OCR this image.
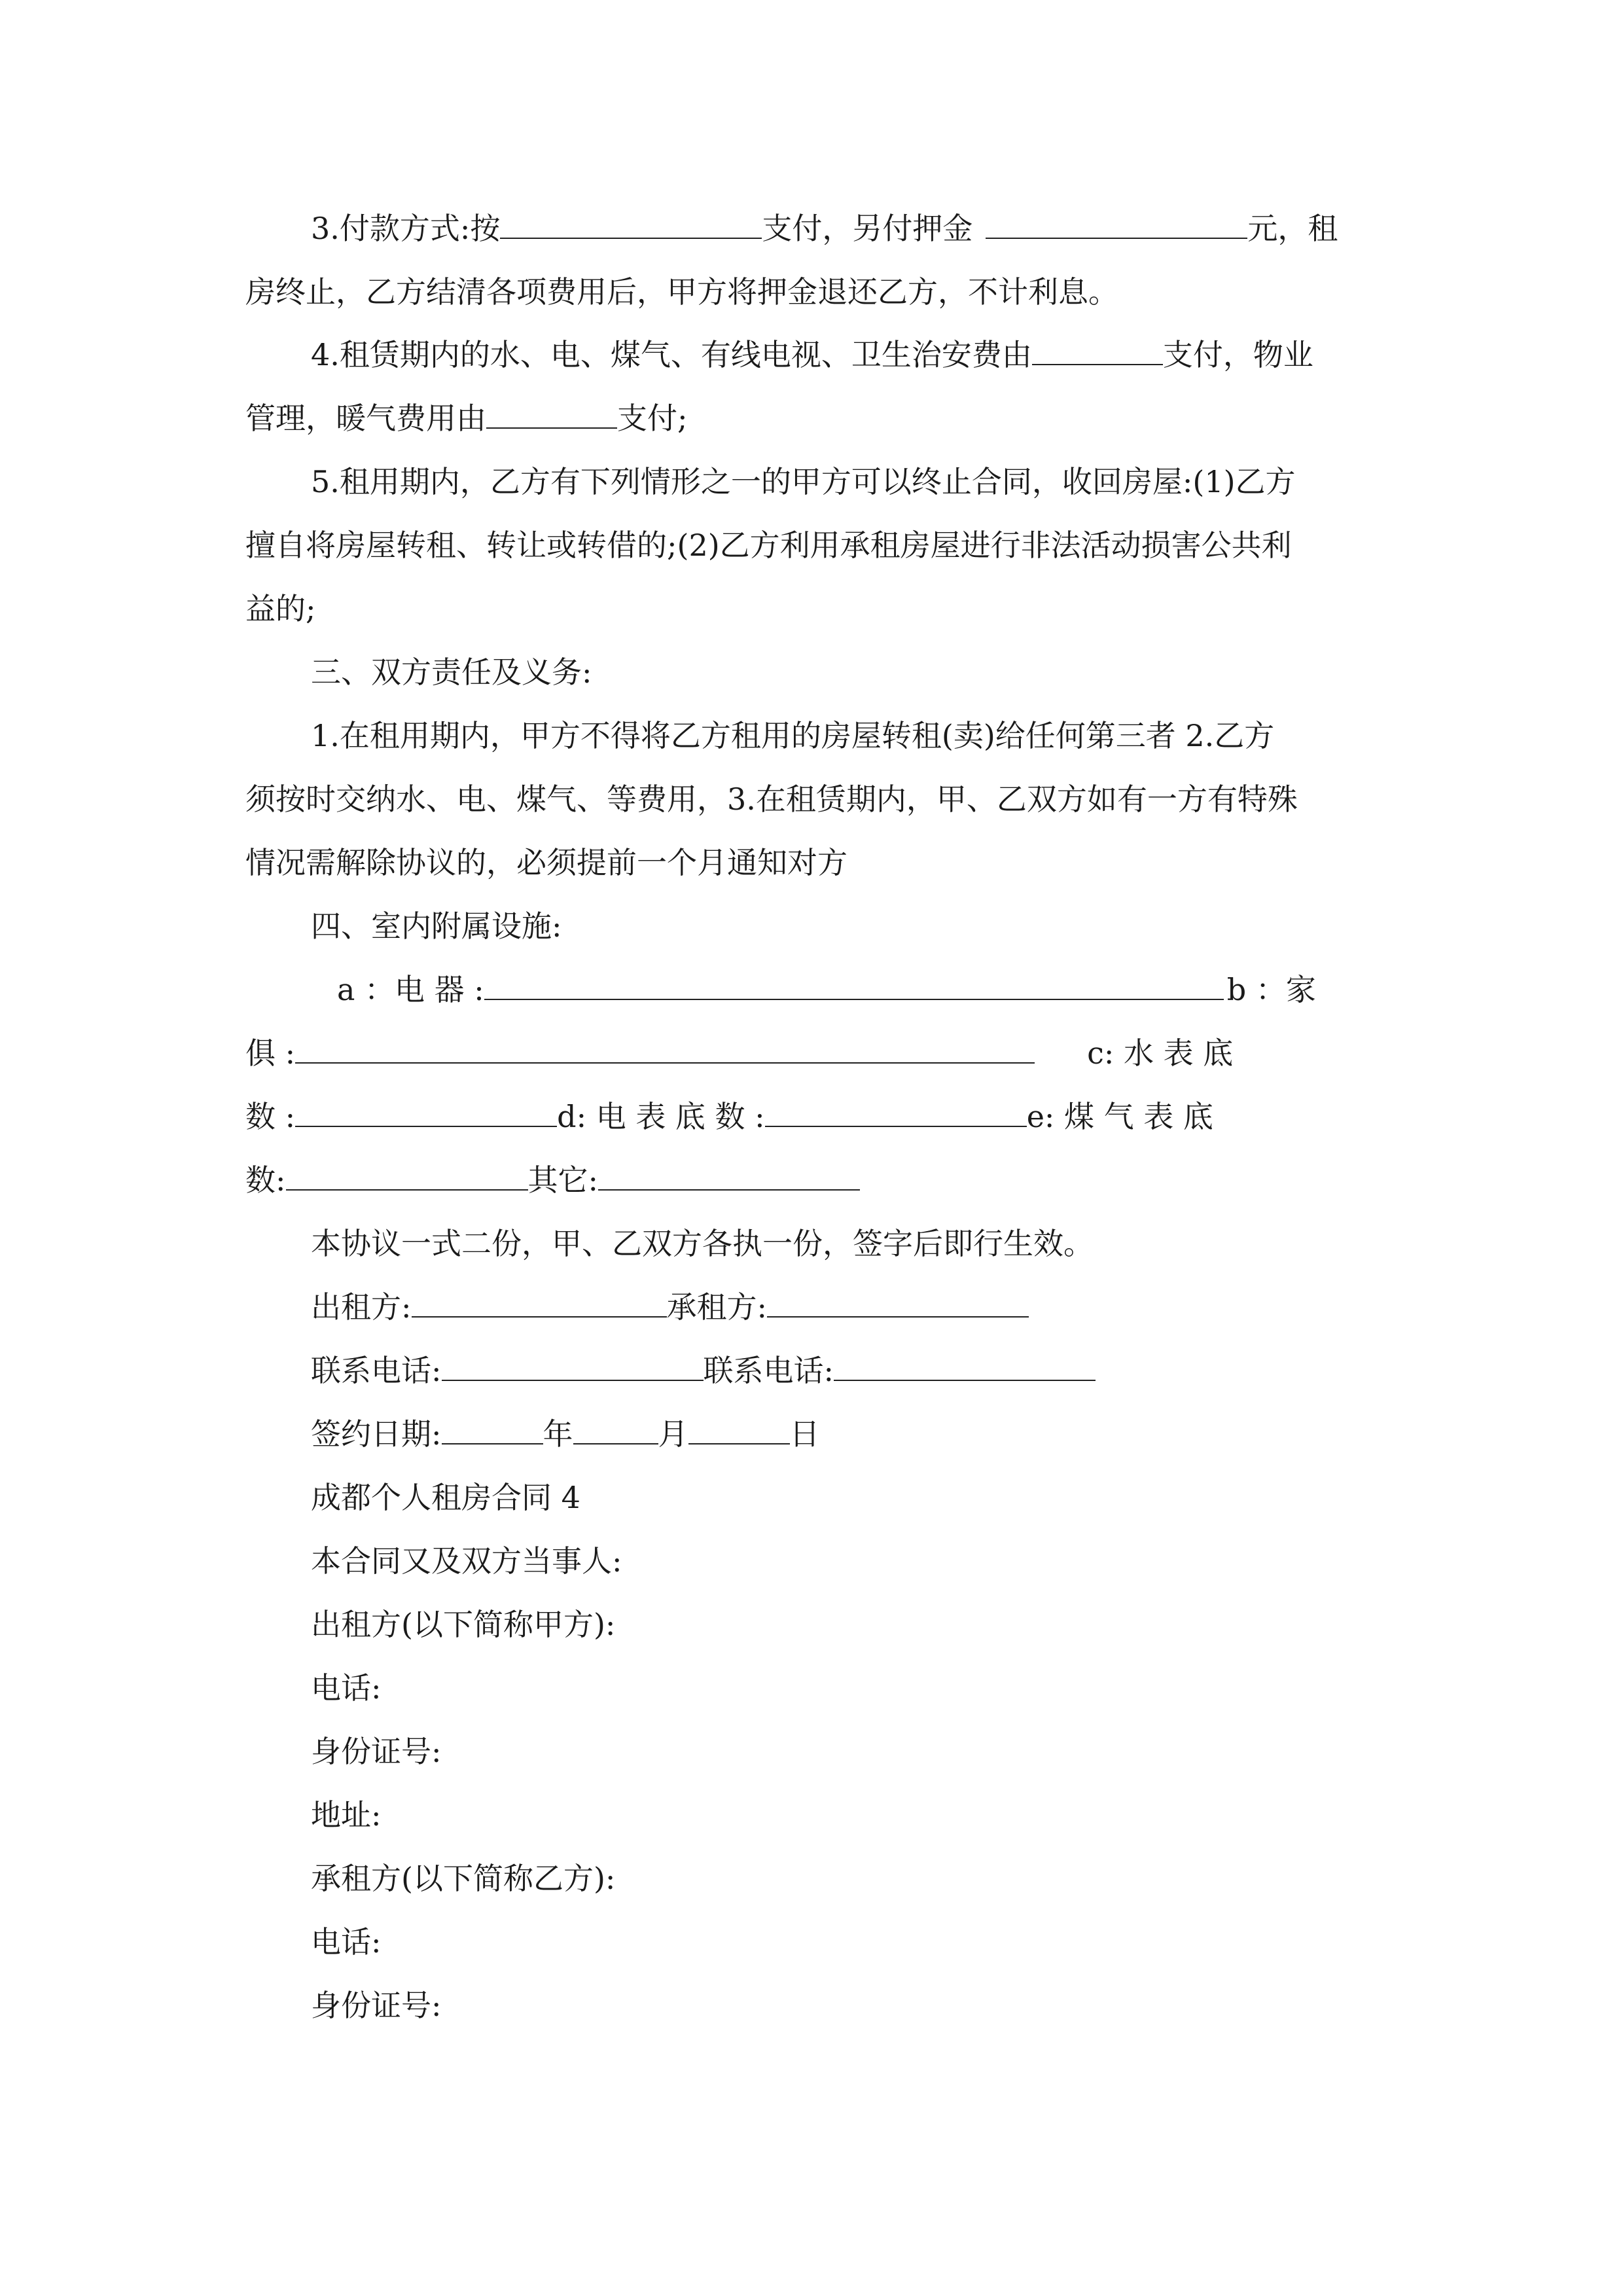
3.付款方式:按	支付，另付押金	元，租
房终止，乙方结清各项费用后，甲方将押金退还乙方，不计利息。
4.租赁期内的水、电、煤气、有线电视、卫生治安费由	支付，物业
管理，暖气费用由	支付;
5.租用期内，乙方有下列情形之一的甲方可以终止合同，收回房屋:(1)乙方
擅自将房屋转租、转让或转借的;(2)乙方利用承租房屋进行非法活动损害公共利
益的;
三、双方责任及义务:
1.在租用期内，甲方不得将乙方租用的房屋转租(卖)给任何第三者 2.乙方
须按时交纳水、电、煤气、等费用，3.在租赁期内，甲、乙双方如有一方有特殊
情况需解除协议的，必须提前一个月通知对方
四、室内附属设施:
a ：电 器 :	b ：家
俱 :	c: 水 表 底
数 :	d: 电 表 底 数 :	e: 煤 气 表 底
数:	其它:
本协议一式二份，甲、乙双方各执一份，签字后即行生效。
出租方:	承租方:
联系电话:	联系电话:
签约日期:	年	月	日
成都个人租房合同 4
本合同又及双方当事人:
出租方(以下简称甲方):
电话:
身份证号:
地址:
承租方(以下简称乙方):
电话:
身份证号:
